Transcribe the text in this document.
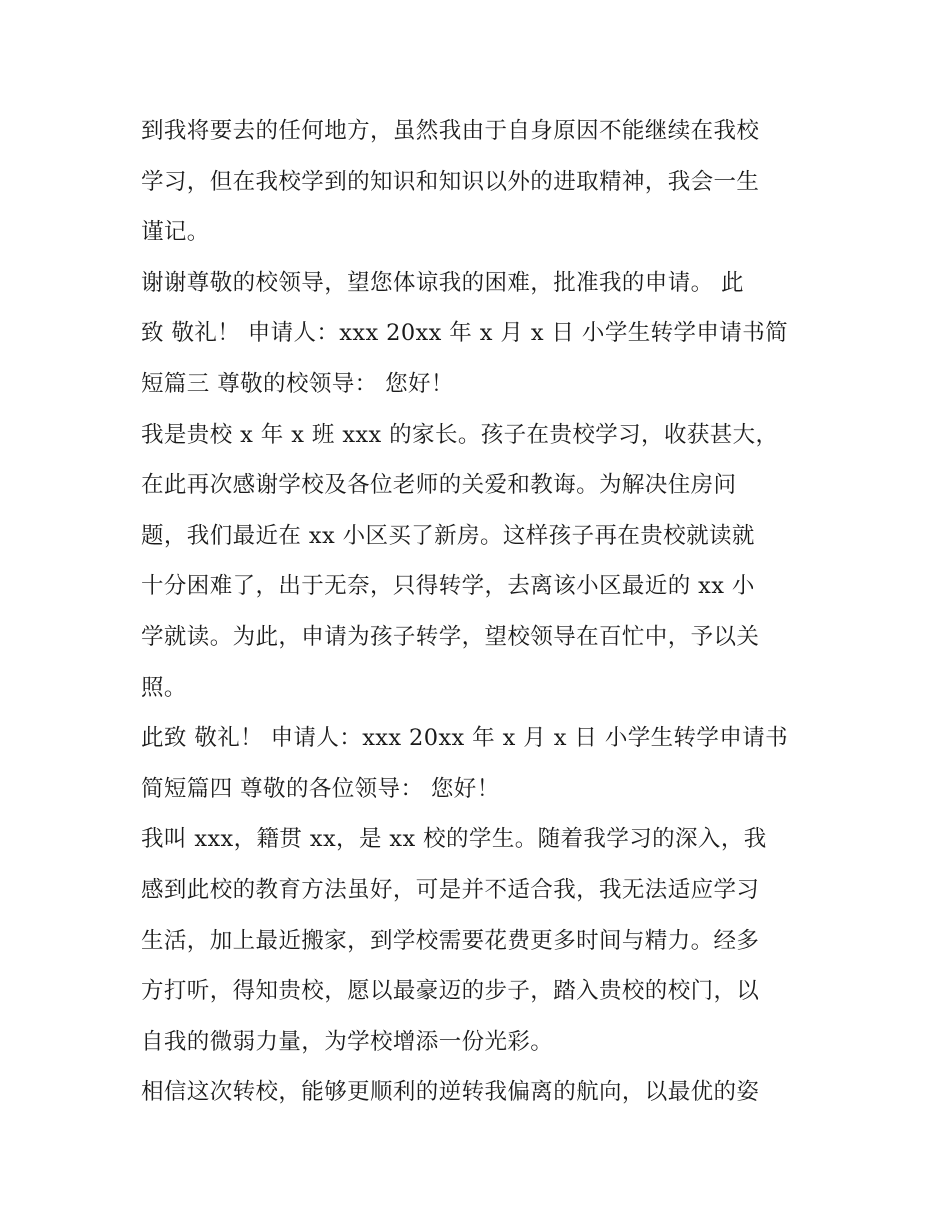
到我将要去的任何地方，虽然我由于自身原因不能继续在我校
学习，但在我校学到的知识和知识以外的进取精神，我会一生
谨记。
谢谢尊敬的校领导，望您体谅我的困难，批准我的申请。 此
致 敬礼！ 申请人：xxx 20xx 年 x 月 x 日 小学生转学申请书简
短篇三 尊敬的校领导： 您好！
我是贵校 x 年 x 班 xxx 的家长。孩子在贵校学习，收获甚大，
在此再次感谢学校及各位老师的关爱和教诲。为解决住房问
题，我们最近在 xx 小区买了新房。这样孩子再在贵校就读就
十分困难了，出于无奈，只得转学，去离该小区最近的 xx 小
学就读。为此，申请为孩子转学，望校领导在百忙中，予以关
照。
此致 敬礼！ 申请人：xxx 20xx 年 x 月 x 日 小学生转学申请书
简短篇四 尊敬的各位领导： 您好！
我叫 xxx，籍贯 xx，是 xx 校的学生。随着我学习的深入，我
感到此校的教育方法虽好，可是并不适合我，我无法适应学习
生活，加上最近搬家，到学校需要花费更多时间与精力。经多
方打听，得知贵校，愿以最豪迈的步子，踏入贵校的校门，以
自我的微弱力量，为学校增添一份光彩。
相信这次转校，能够更顺利的逆转我偏离的航向，以最优的姿
